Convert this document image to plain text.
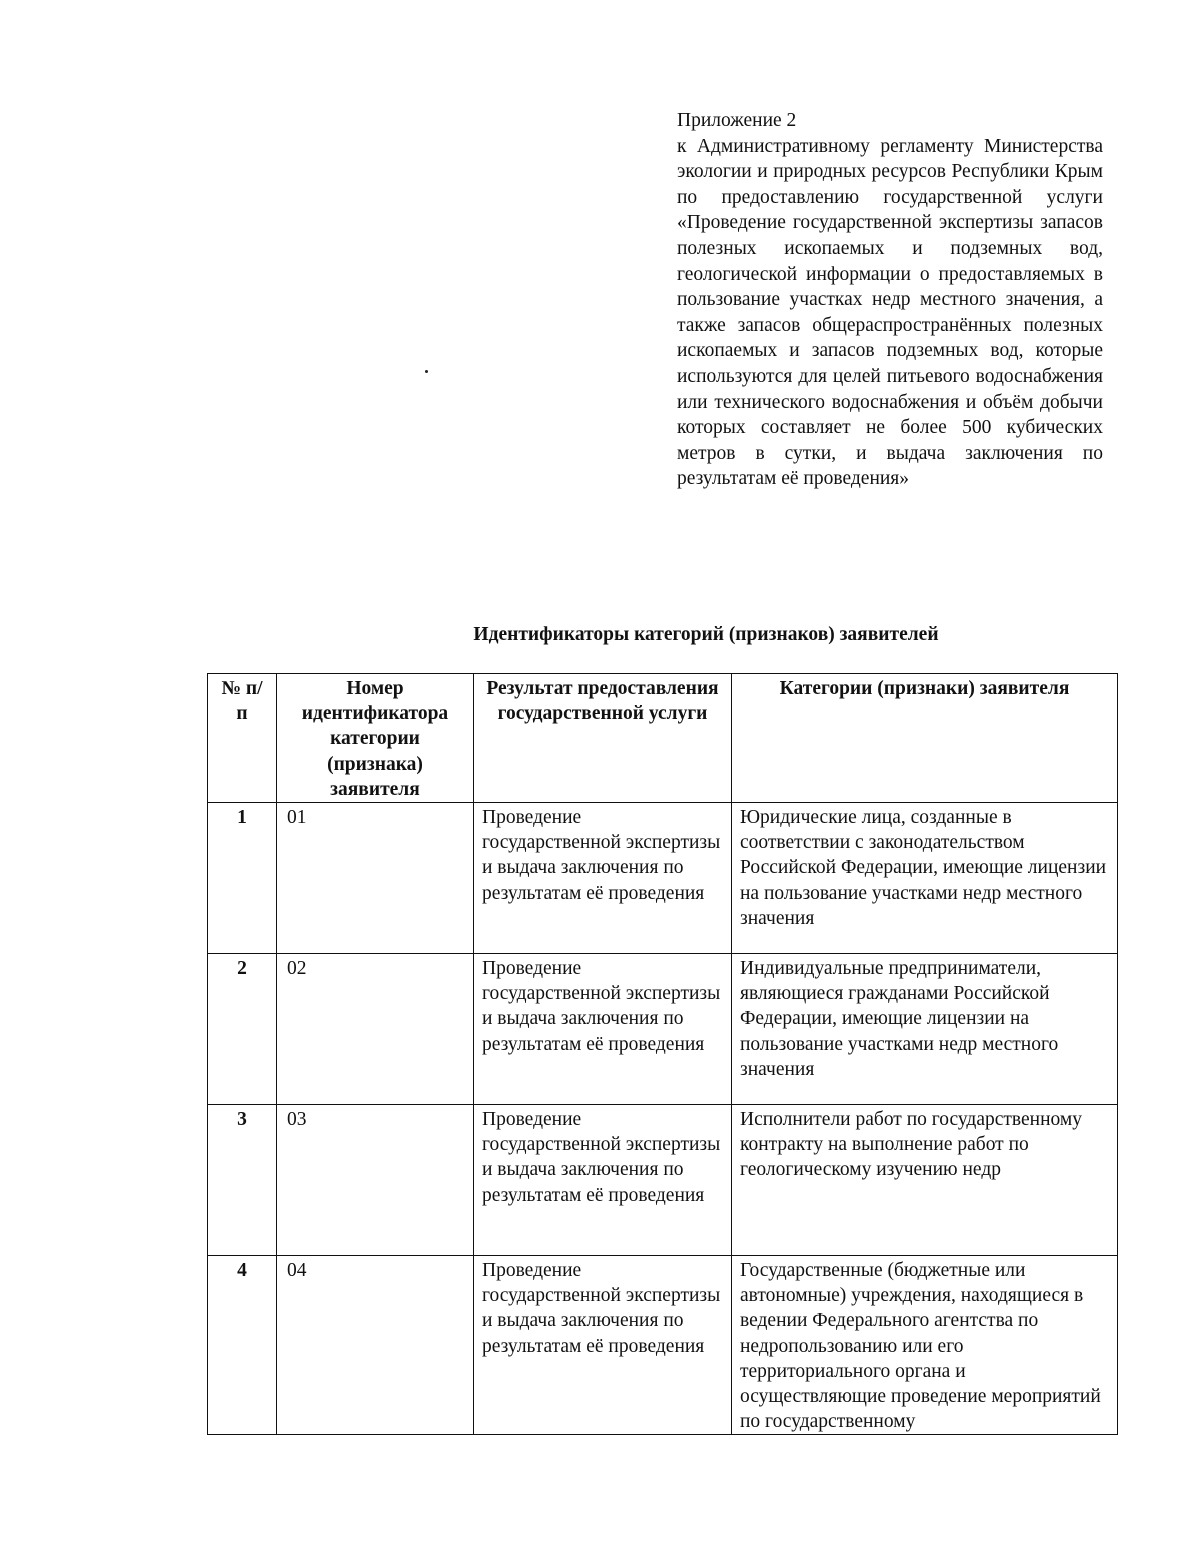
Приложение 2
к Административному регламенту Министерства экологии и природных ресурсов Республики Крым по предоставлению государственной услуги «Проведение государственной экспертизы запасов полезных ископаемых и подземных вод, геологической информации о предоставляемых в пользование участках недр местного значения, а также запасов общераспространённых полезных ископаемых и запасов подземных вод, которые используются для целей питьевого водоснабжения или технического водоснабжения и объём добычи которых составляет не более 500 кубических метров в сутки, и выдача заключения по результатам её проведения»
Идентификаторы категорий (признаков) заявителей
№ п/п	Номер идентификатора категории (признака) заявителя	Результат предоставления государственной услуги	Категории (признаки) заявителя
1	01	Проведение государственной экспертизы и выдача заключения по результатам её проведения	Юридические лица, созданные в соответствии с законодательством Российской Федерации, имеющие лицензии на пользование участками недр местного значения
2	02	Проведение государственной экспертизы и выдача заключения по результатам её проведения	Индивидуальные предприниматели, являющиеся гражданами Российской Федерации, имеющие лицензии на пользование участками недр местного значения
3	03	Проведение государственной экспертизы и выдача заключения по результатам её проведения	Исполнители работ по государственному контракту на выполнение работ по геологическому изучению недр
4	04	Проведение государственной экспертизы и выдача заключения по результатам её проведения	Государственные (бюджетные или автономные) учреждения, находящиеся в ведении Федерального агентства по недропользованию или его территориального органа и осуществляющие проведение мероприятий по государственному
